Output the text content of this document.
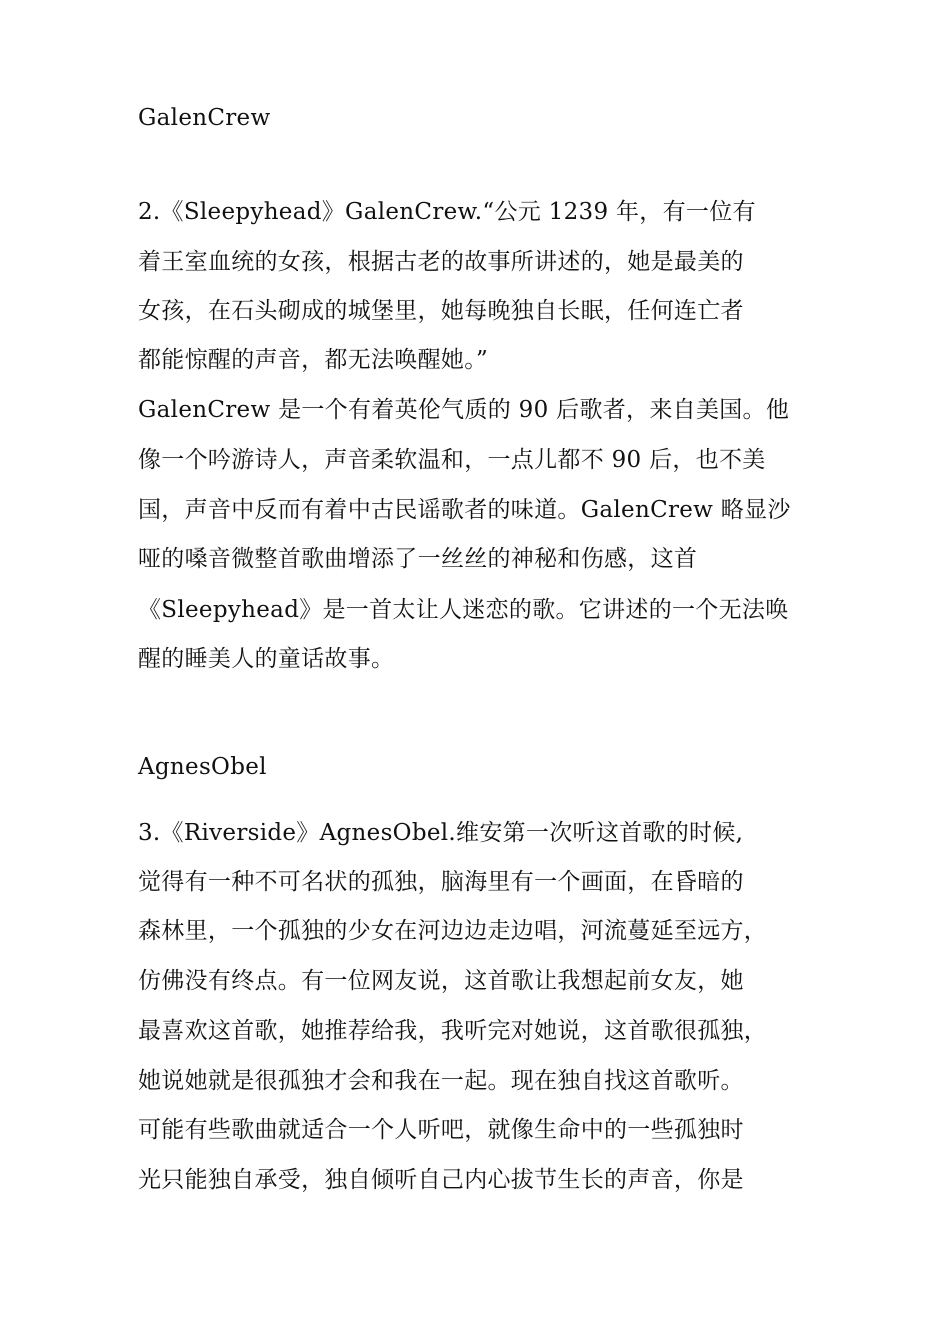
GalenCrew
2.《Sleepyhead》GalenCrew.“公元 1239 年，有一位有
着王室血统的女孩，根据古老的故事所讲述的，她是最美的
女孩，在石头砌成的城堡里，她每晚独自长眠，任何连亡者
都能惊醒的声音，都无法唤醒她。”
GalenCrew 是一个有着英伦气质的 90 后歌者，来自美国。他
像一个吟游诗人，声音柔软温和，一点儿都不 90 后，也不美
国，声音中反而有着中古民谣歌者的味道。GalenCrew 略显沙
哑的嗓音微整首歌曲增添了一丝丝的神秘和伤感，这首
《Sleepyhead》是一首太让人迷恋的歌。它讲述的一个无法唤
醒的睡美人的童话故事。
AgnesObel
3.《Riverside》AgnesObel.维安第一次听这首歌的时候,
觉得有一种不可名状的孤独，脑海里有一个画面，在昏暗的
森林里，一个孤独的少女在河边边走边唱，河流蔓延至远方，
仿佛没有终点。有一位网友说，这首歌让我想起前女友，她
最喜欢这首歌，她推荐给我，我听完对她说，这首歌很孤独，
她说她就是很孤独才会和我在一起。现在独自找这首歌听。
可能有些歌曲就适合一个人听吧，就像生命中的一些孤独时
光只能独自承受，独自倾听自己内心拔节生长的声音，你是
